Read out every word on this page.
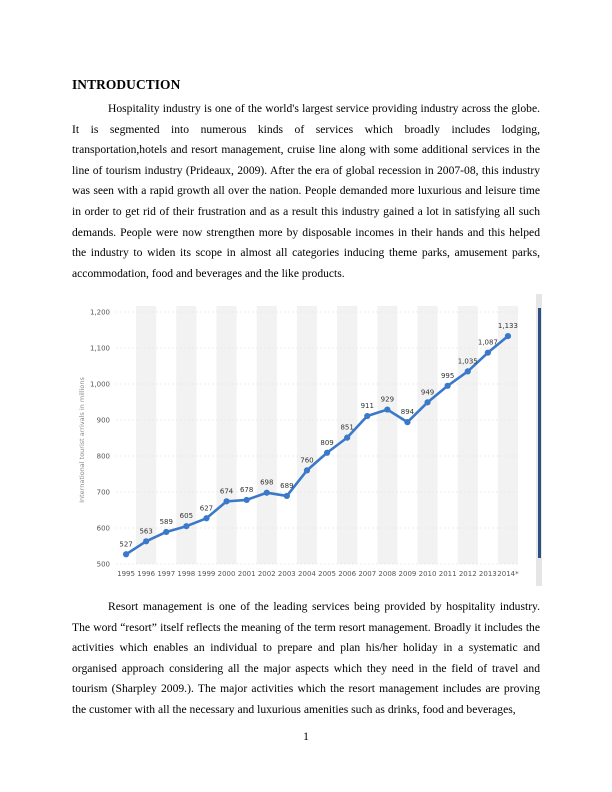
INTRODUCTION
Hospitality industry is one of the world's largest service providing industry across the globe. It is segmented into numerous kinds of services which broadly includes lodging, transportation,hotels and resort management, cruise line along with some additional services in the line of tourism industry (Prideaux, 2009). After the era of global recession in 2007-08, this industry was seen with a rapid growth all over the nation. People demanded more luxurious and leisure time in order to get rid of their frustration and as a result this industry gained a lot in satisfying all such demands. People were now strengthen more by disposable incomes in their hands and this helped the industry to widen its scope in almost all categories inducing theme parks, amusement parks, accommodation, food and beverages and the like products.
500
600
700
800
900
1,000
1,100
1,200
1995 1996 1997 1998 1999 2000 2001 2002 2003 2004 2005 2006 2007 2008 2009 2010 2011 2012 2013 2014*
International tourist arrivals in millions
527
563
589
605
627
674 678
698 689
760
809
851
911
929
894
949
995
1,035
1,087
1,133
Resort management is one of the leading services being provided by hospitality industry. The word “resort” itself reflects the meaning of the term resort management. Broadly it includes the activities which enables an individual to prepare and plan his/her holiday in a systematic and organised approach considering all the major aspects which they need in the field of travel and tourism (Sharpley 2009.). The major activities which the resort management includes are proving the customer with all the necessary and luxurious amenities such as drinks, food and beverages,
1
